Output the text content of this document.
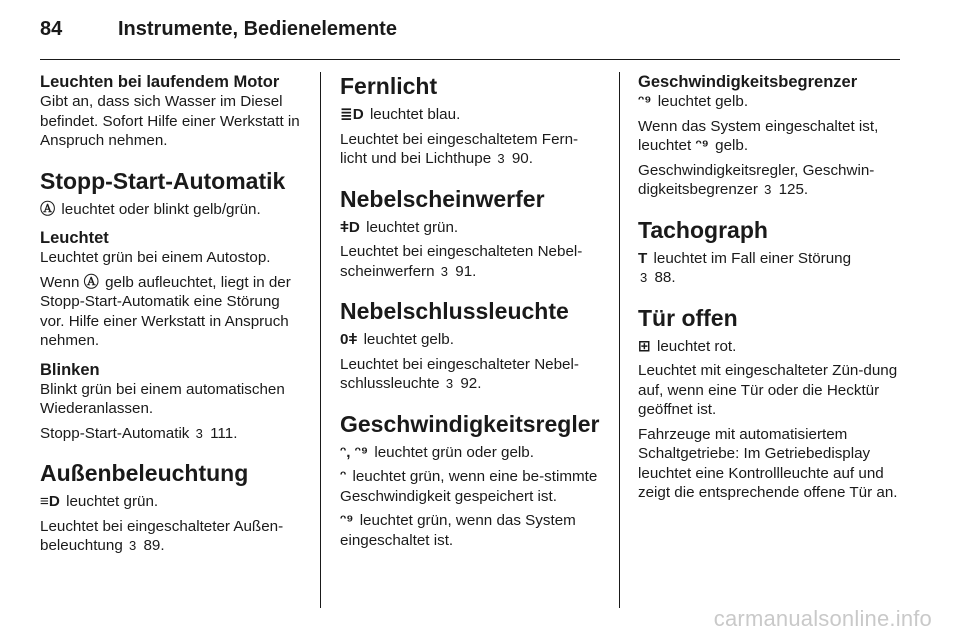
84	Instrumente, Bedienelemente

Leuchten bei laufendem Motor

Gibt an, dass sich Wasser im Diesel befindet. Sofort Hilfe einer Werkstatt in Anspruch nehmen.

Stopp-Start-Automatik

Ⓐ leuchtet oder blinkt gelb/grün.

Leuchtet

Leuchtet grün bei einem Autostop.

Wenn Ⓐ gelb aufleuchtet, liegt in der Stopp-Start-Automatik eine Störung vor. Hilfe einer Werkstatt in Anspruch nehmen.

Blinken

Blinkt grün bei einem automatischen Wiederanlassen.

Stopp-Start-Automatik 3 111.

Außenbeleuchtung

≡D leuchtet grün.

Leuchtet bei eingeschalteter Außen-beleuchtung 3 89.

Fernlicht

≣D leuchtet blau.

Leuchtet bei eingeschaltetem Fern-licht und bei Lichthupe 3 90.

Nebelscheinwerfer

ǂD leuchtet grün.

Leuchtet bei eingeschalteten Nebel-scheinwerfern 3 91.

Nebelschlussleuchte

0ǂ leuchtet gelb.

Leuchtet bei eingeschalteter Nebel-schlussleuchte 3 92.

Geschwindigkeitsregler

ᵔ, ᵔ⁹ leuchtet grün oder gelb.

ᵔ leuchtet grün, wenn eine be-stimmte Geschwindigkeit gespeichert ist.

ᵔ⁹ leuchtet grün, wenn das System eingeschaltet ist.

Geschwindigkeitsbegrenzer

ᵔ⁹ leuchtet gelb.

Wenn das System eingeschaltet ist, leuchtet ᵔ⁹ gelb.

Geschwindigkeitsregler, Geschwin-digkeitsbegrenzer 3 125.

Tachograph

T leuchtet im Fall einer Störung
3 88.

Tür offen

⊞ leuchtet rot.

Leuchtet mit eingeschalteter Zün-dung auf, wenn eine Tür oder die Hecktür geöffnet ist.

Fahrzeuge mit automatisiertem Schaltgetriebe: Im Getriebedisplay leuchtet eine Kontrollleuchte auf und zeigt die entsprechende offene Tür an.

carmanualsonline.info
